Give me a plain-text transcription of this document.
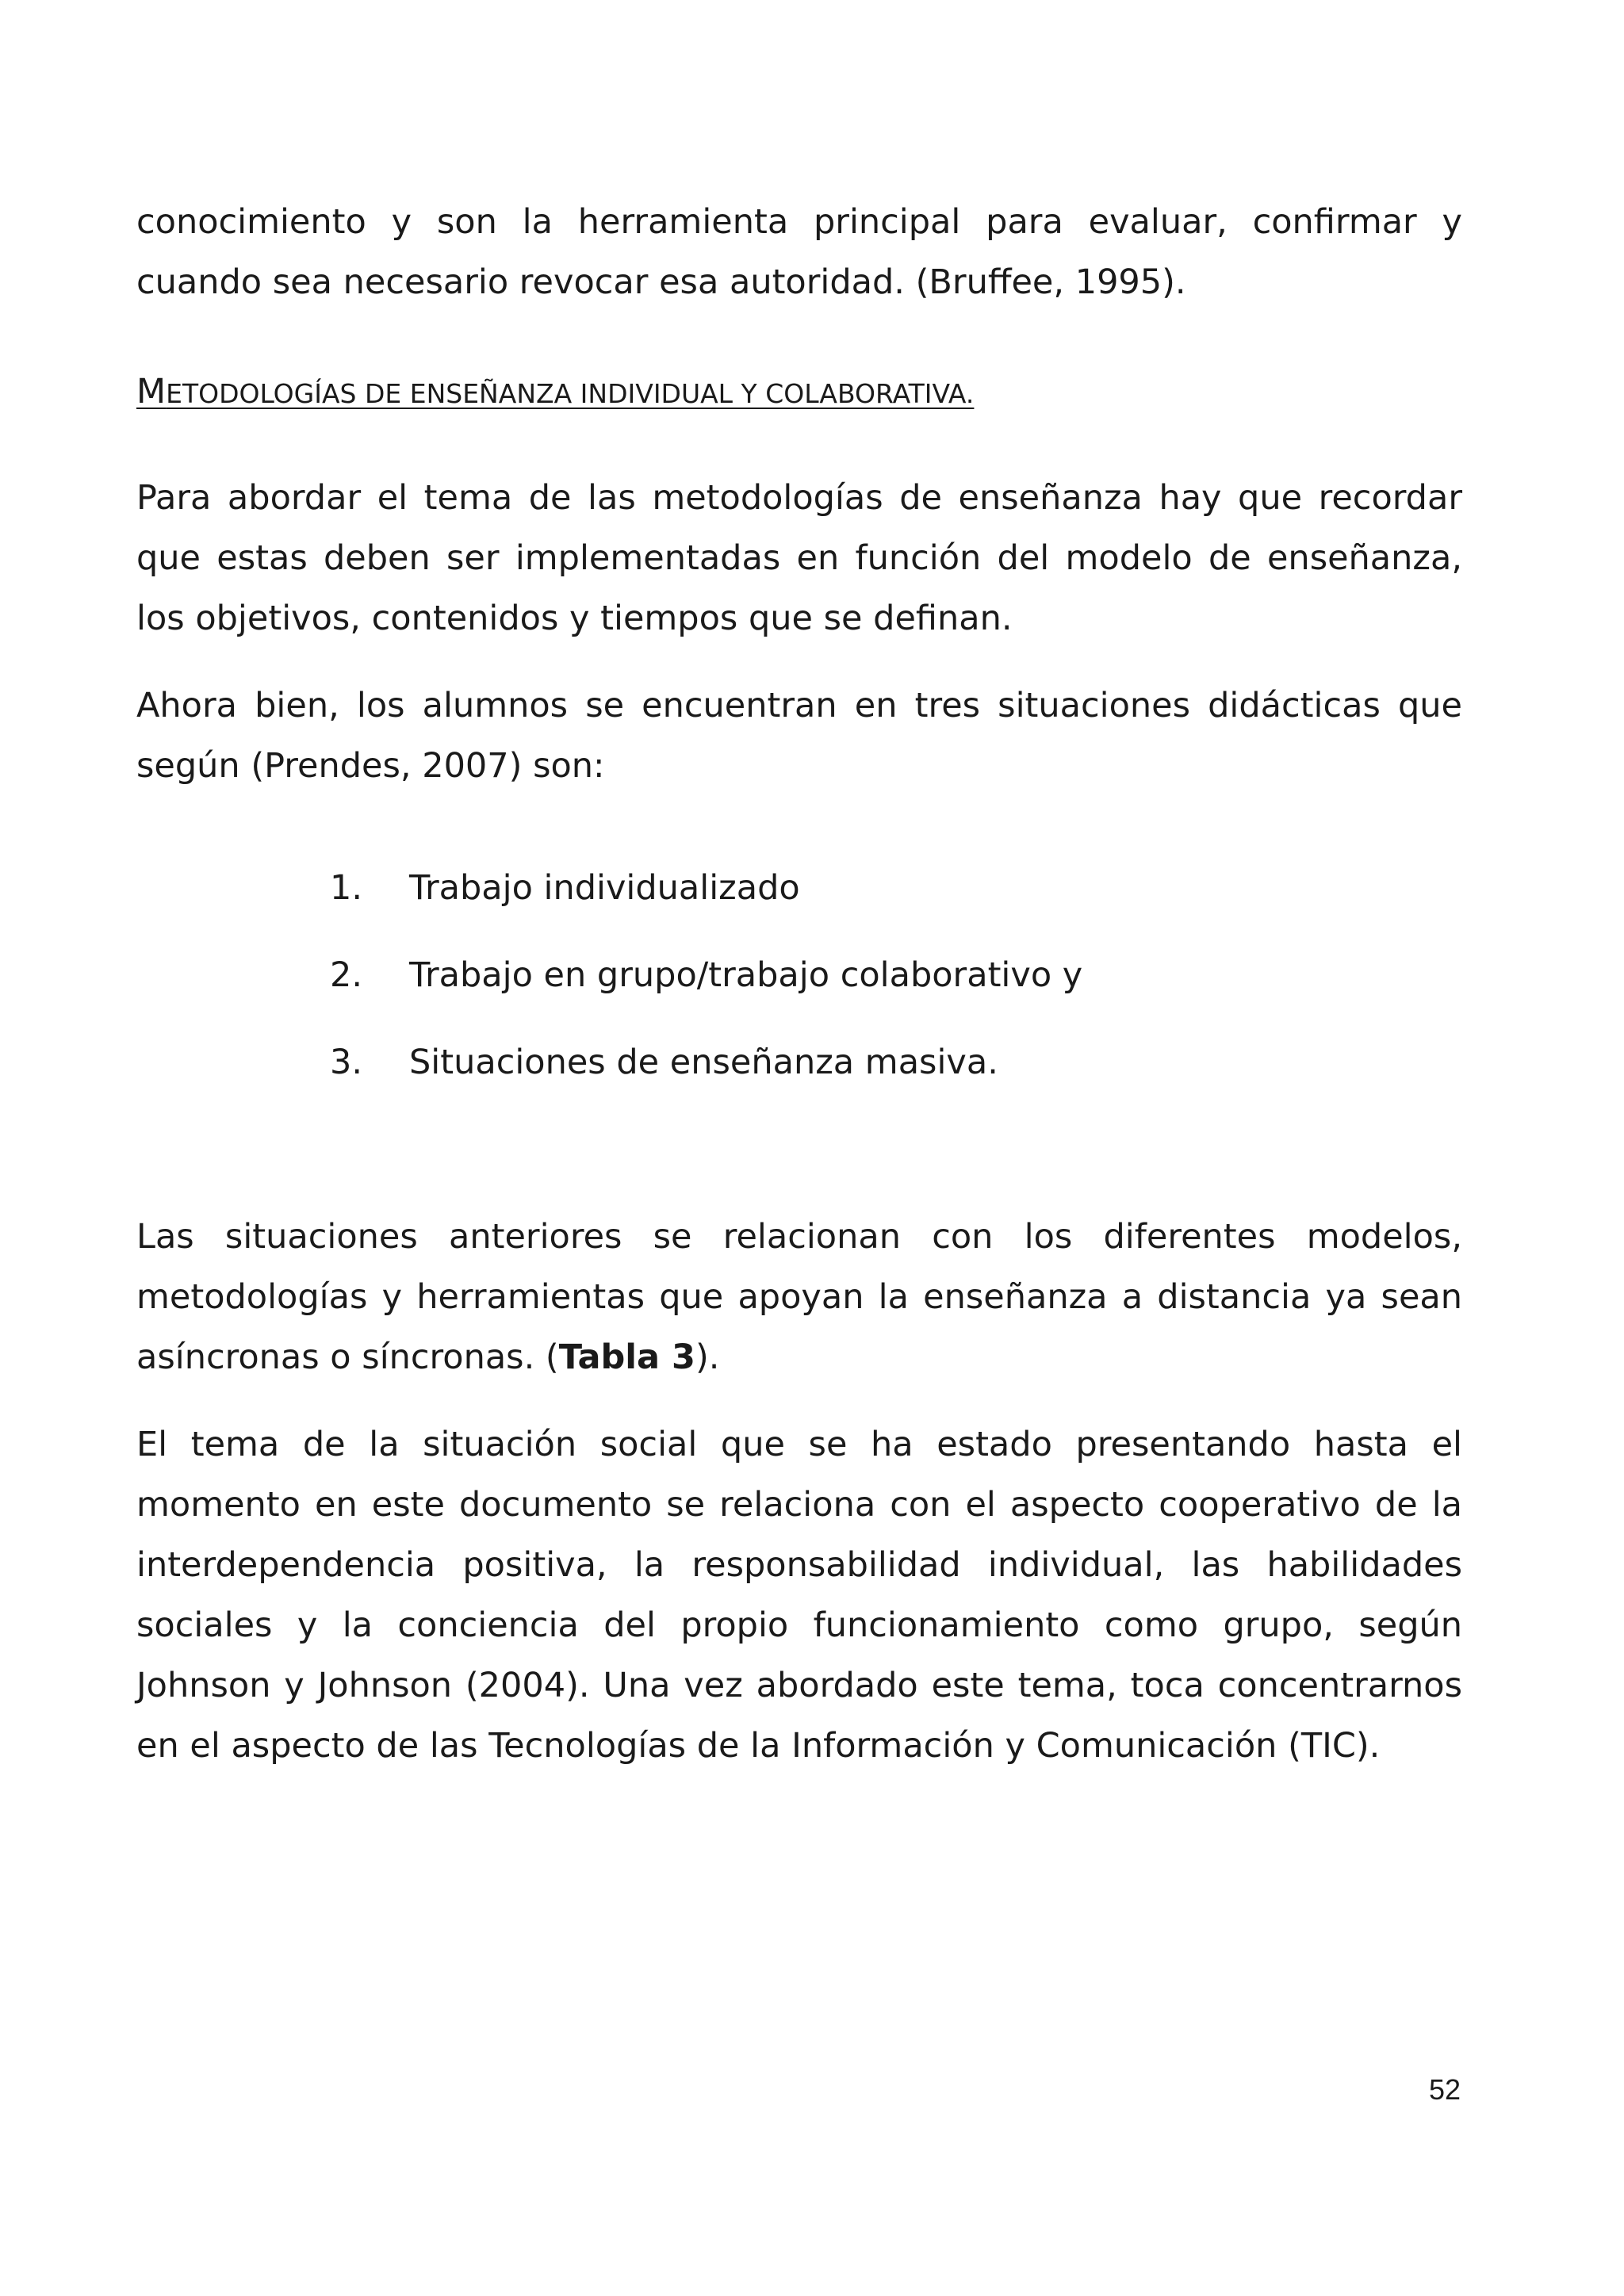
conocimiento y son la herramienta principal para evaluar, confirmar y cuando sea necesario revocar esa autoridad. (Bruffee, 1995).

METODOLOGÍAS DE ENSEÑANZA INDIVIDUAL Y COLABORATIVA.

Para abordar el tema de las metodologías de enseñanza hay que recordar que estas deben ser implementadas en función del modelo de enseñanza, los objetivos, contenidos y tiempos que se definan.

Ahora bien, los alumnos se encuentran en tres situaciones didácticas que según (Prendes, 2007) son:

1. Trabajo individualizado

2. Trabajo en grupo/trabajo colaborativo y

3. Situaciones de enseñanza masiva.

Las situaciones anteriores se relacionan con los diferentes modelos, metodologías y herramientas que apoyan la enseñanza a distancia ya sean asíncronas o síncronas. (Tabla 3).

El tema de la situación social que se ha estado presentando hasta el momento en este documento se relaciona con el aspecto cooperativo de la interdependencia positiva, la responsabilidad individual, las habilidades sociales y la conciencia del propio funcionamiento como grupo, según Johnson y Johnson (2004). Una vez abordado este tema, toca concentrarnos en el aspecto de las Tecnologías de la Información y Comunicación (TIC).

52
